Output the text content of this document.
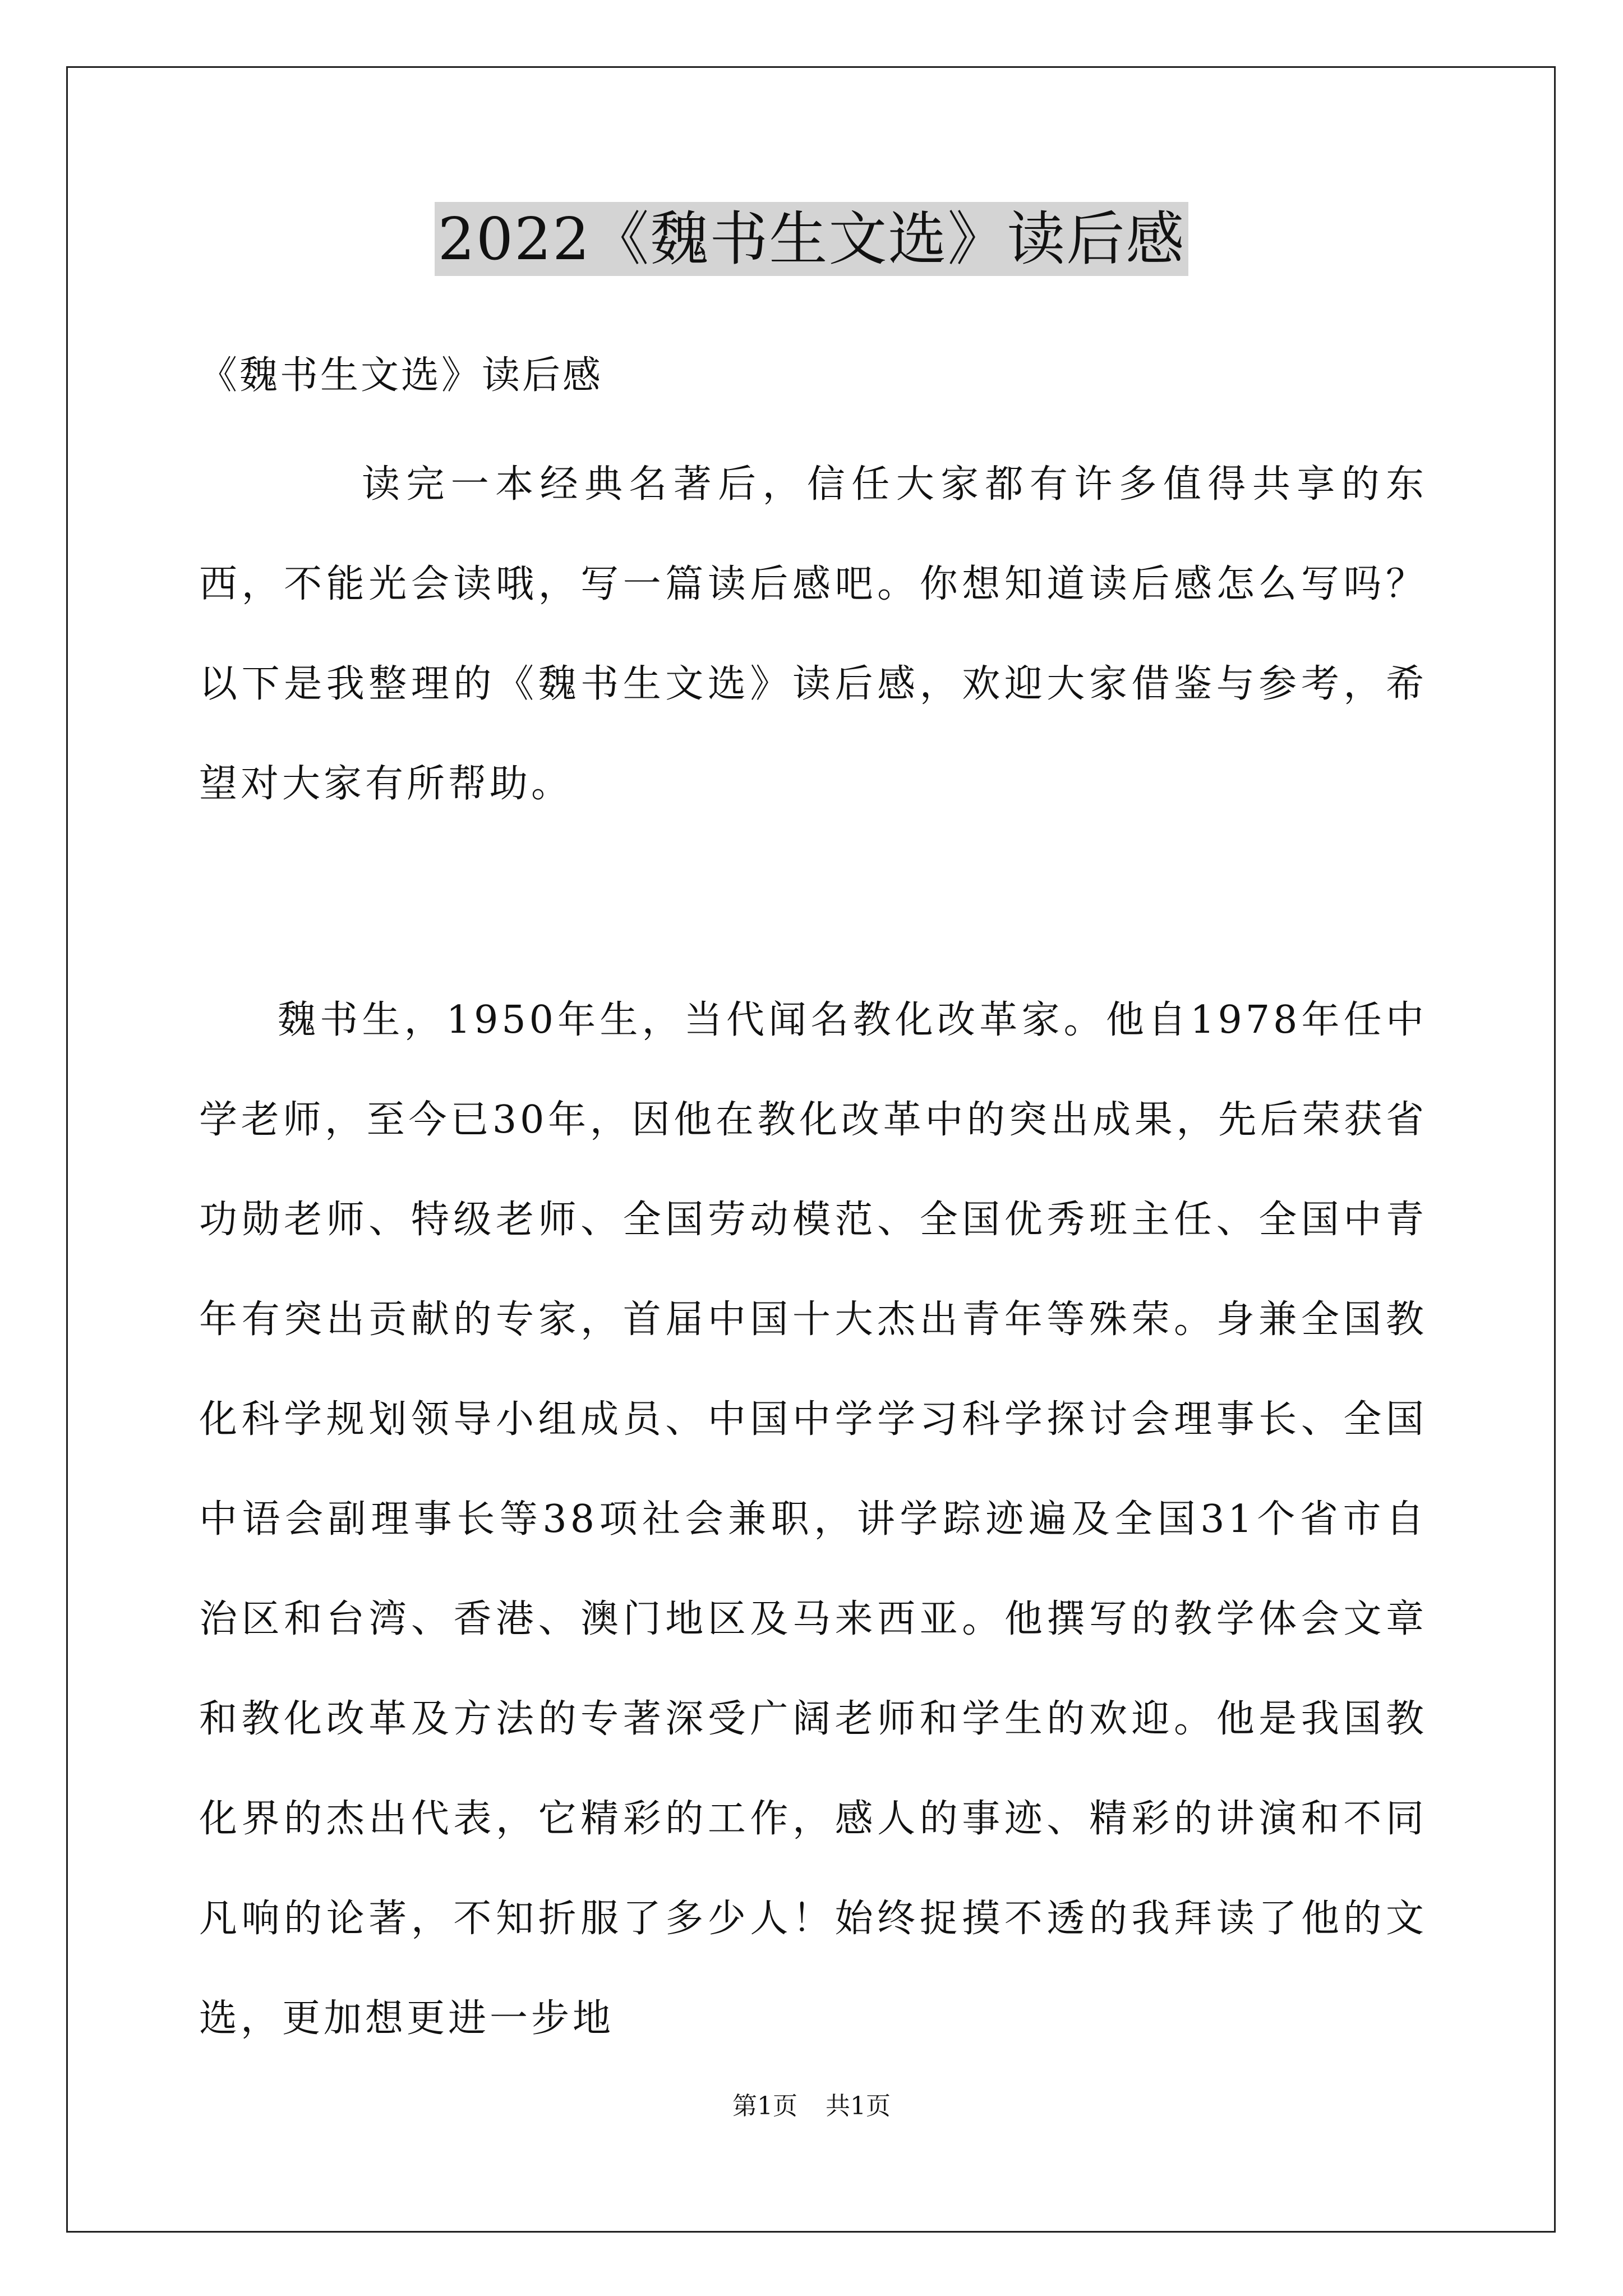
2022《魏书生文选》读后感
《魏书生文选》读后感

读完一本经典名著后，信任大家都有许多值得共享的东西，不能光会读哦，写一篇读后感吧。你想知道读后感怎么写吗？以下是我整理的《魏书生文选》读后感，欢迎大家借鉴与参考，希望对大家有所帮助。

魏书生，1950年生，当代闻名教化改革家。他自1978年任中学老师，至今已30年，因他在教化改革中的突出成果，先后荣获省功勋老师、特级老师、全国劳动模范、全国优秀班主任、全国中青年有突出贡献的专家，首届中国十大杰出青年等殊荣。身兼全国教化科学规划领导小组成员、中国中学学习科学探讨会理事长、全国中语会副理事长等38项社会兼职，讲学踪迹遍及全国31个省市自治区和台湾、香港、澳门地区及马来西亚。他撰写的教学体会文章和教化改革及方法的专著深受广阔老师和学生的欢迎。他是我国教化界的杰出代表，它精彩的工作，感人的事迹、精彩的讲演和不同凡响的论著，不知折服了多少人！始终捉摸不透的我拜读了他的文选，更加想更进一步地

第1页 共1页
